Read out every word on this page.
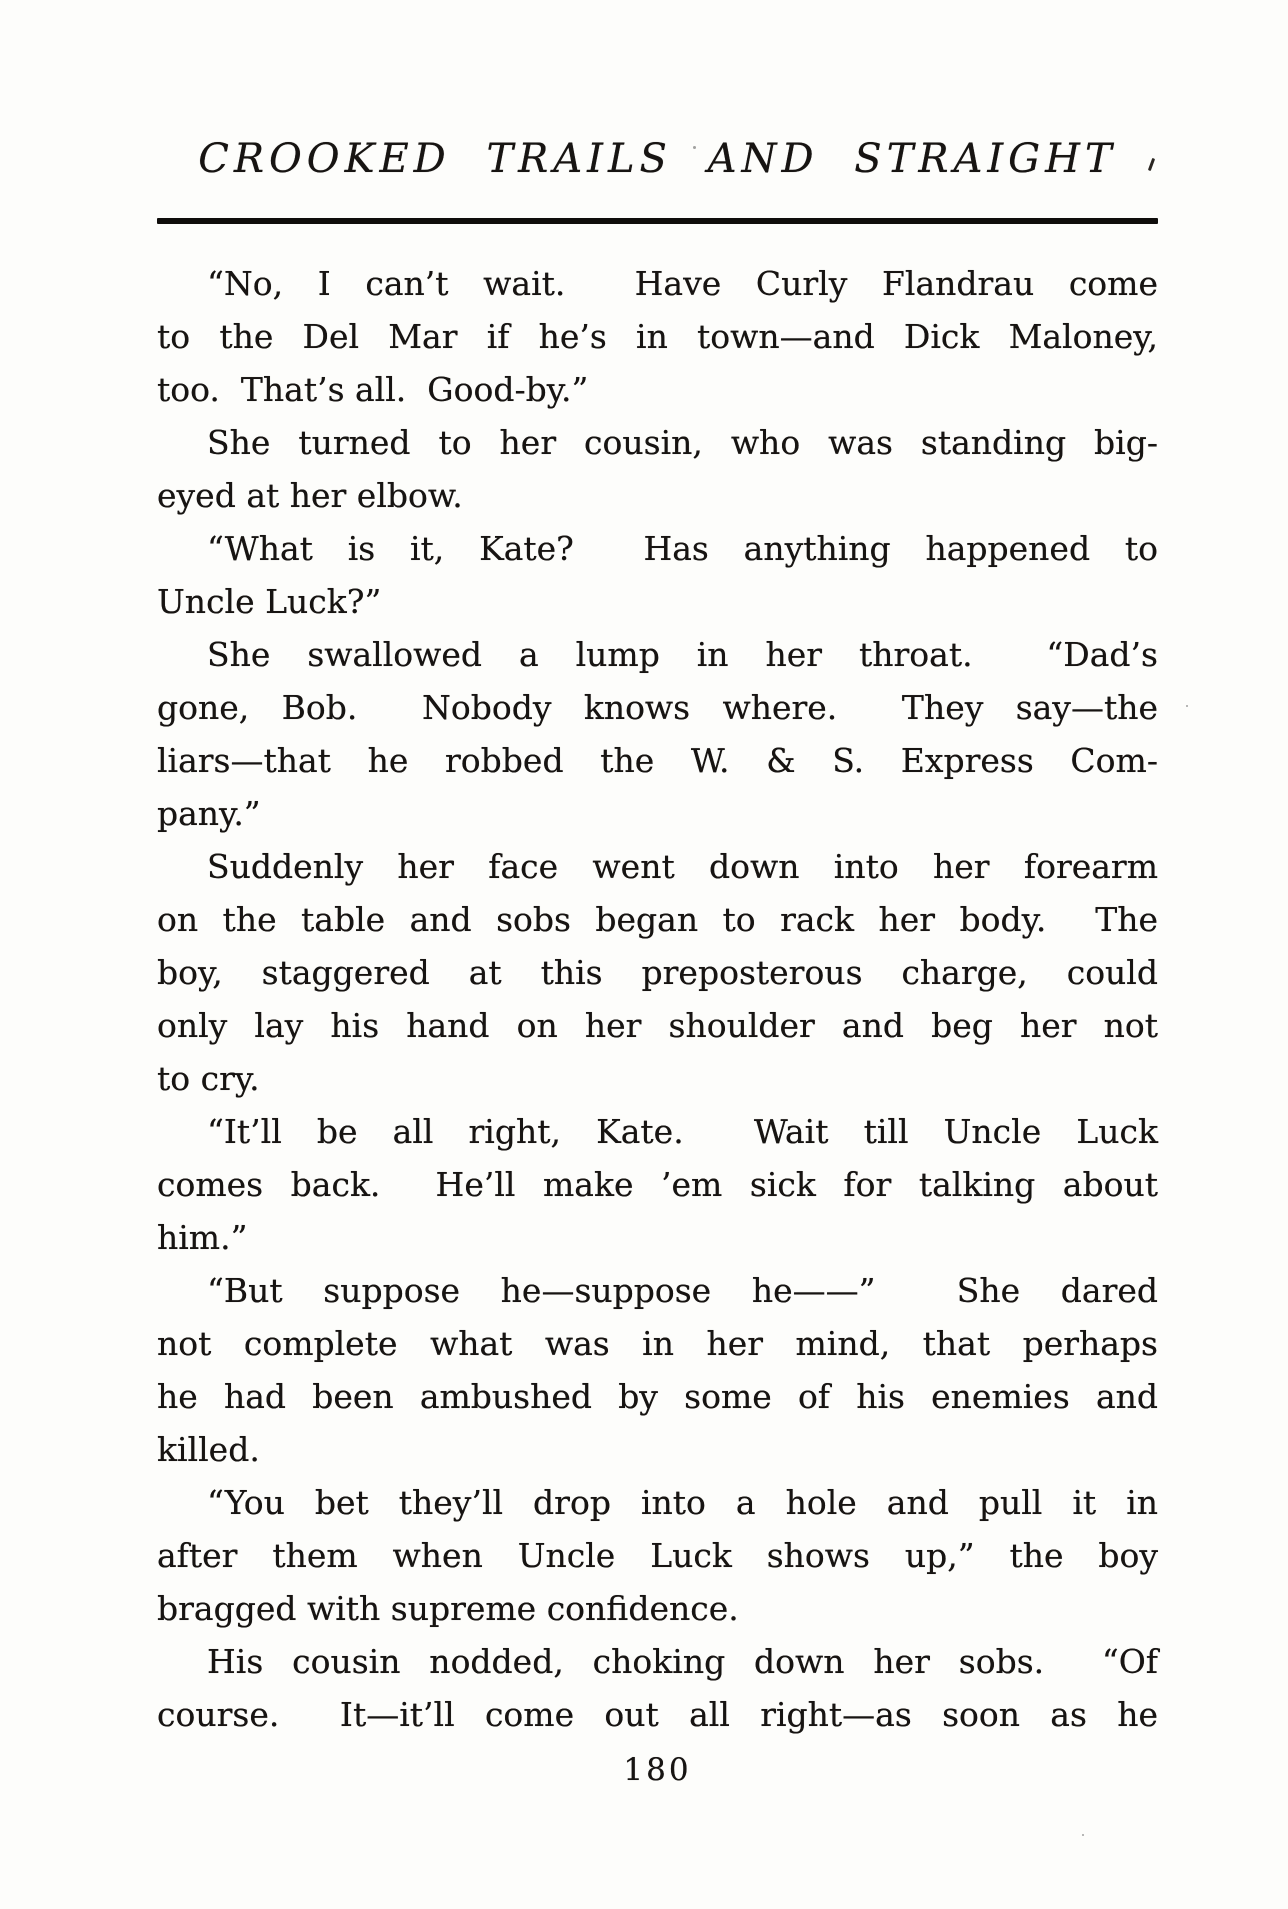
CROOKED TRAILS AND STRAIGHT
“No, I can’t wait.  Have Curly Flandrau come
to the Del Mar if he’s in town—and Dick Maloney,
too.  That’s all.  Good-by.”
She turned to her cousin, who was standing big-
eyed at her elbow.
“What is it, Kate?  Has anything happened to
Uncle Luck?”
She swallowed a lump in her throat.  “Dad’s
gone, Bob.  Nobody knows where.  They say—the
liars—that he robbed the W. & S. Express Com-
pany.”
Suddenly her face went down into her forearm
on the table and sobs began to rack her body.  The
boy, staggered at this preposterous charge, could
only lay his hand on her shoulder and beg her not
to cry.
“It’ll be all right, Kate.  Wait till Uncle Luck
comes back.  He’ll make ’em sick for talking about
him.”
“But suppose he—suppose he——”  She dared
not complete what was in her mind, that perhaps
he had been ambushed by some of his enemies and
killed.
“You bet they’ll drop into a hole and pull it in
after them when Uncle Luck shows up,” the boy
bragged with supreme confidence.
His cousin nodded, choking down her sobs.  “Of
course.  It—it’ll come out all right—as soon as he
180
